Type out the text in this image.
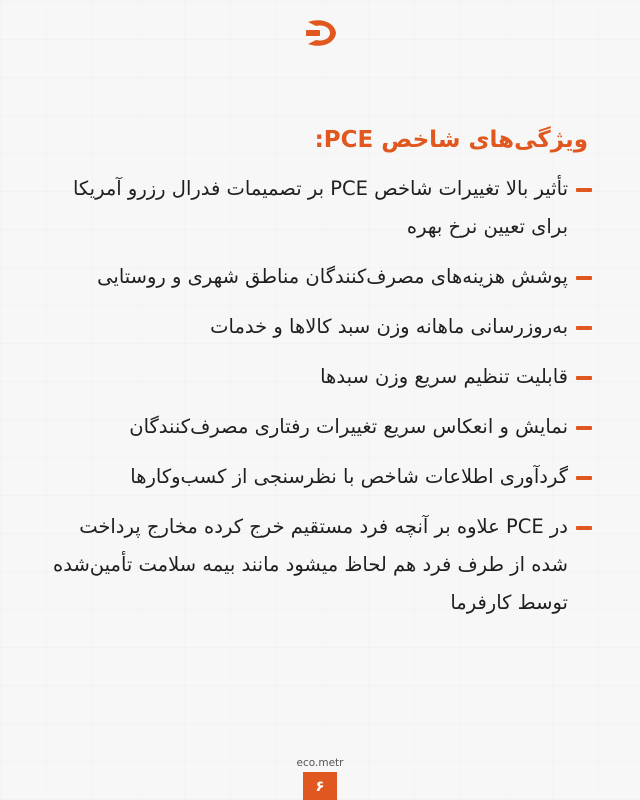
ویژگی‌های شاخص PCE:
تأثیر بالا تغییرات شاخص PCE بر تصمیمات فدرال رزرو آمریکا برای تعیین نرخ بهره
پوشش هزینه‌های مصرف‌کنندگان مناطق شهری و روستایی
به‌روزرسانی ماهانه وزن سبد کالاها و خدمات
قابلیت تنظیم سریع وزن سبدها
نمایش و انعکاس سریع تغییرات رفتاری مصرف‌کنندگان
گردآوری اطلاعات شاخص با نظرسنجی از کسب‌وکارها
در PCE علاوه بر آنچه فرد مستقیم خرج کرده مخارج پرداخت شده از طرف فرد هم لحاظ میشود مانند بیمه سلامت تأمین‌شده توسط کارفرما
eco.metr
۶
